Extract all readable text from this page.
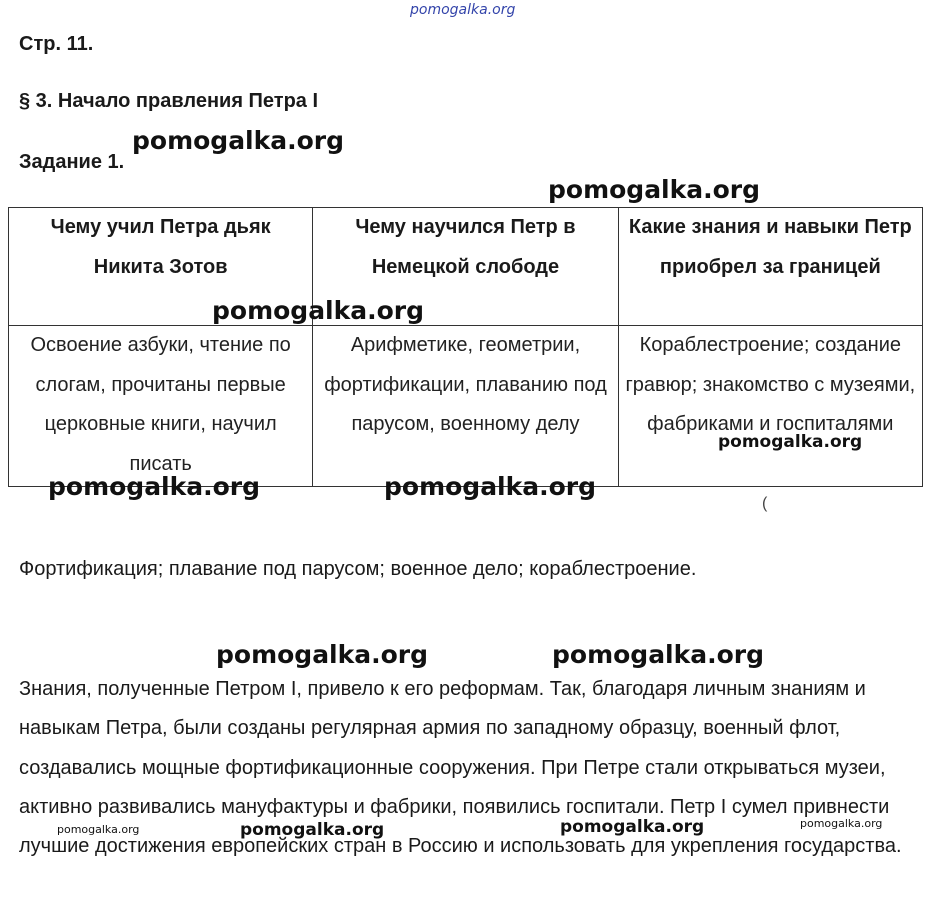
pomogalka.org
Стр. 11.
§ 3. Начало правления Петра I
Задание 1.
Чему учил Петра дьяк Никита Зотов	Чему научился Петр в Немецкой слободе	Какие знания и навыки Петр приобрел за границей
Освоение азбуки, чтение по слогам, прочитаны первые церковные книги, научил писать	Арифметике, геометрии, фортификации, плаванию под парусом, военному делу	Кораблестроение; создание гравюр; знакомство с музеями, фабриками и госпиталями
Фортификация; плавание под парусом; военное дело; кораблестроение.
Знания, полученные Петром I, привело к его реформам. Так, благодаря личным знаниям и навыкам Петра, были созданы регулярная армия по западному образцу, военный флот, создавались мощные фортификационные сооружения. При Петре стали открываться музеи, активно развивались мануфактуры и фабрики, появились госпитали. Петр I сумел привнести лучшие достижения европейских стран в Россию и использовать для укрепления государства.
(
pomogalka.org
pomogalka.org
pomogalka.org
pomogalka.org
pomogalka.org	pomogalka.org
pomogalka.org	pomogalka.org
pomogalka.org	pomogalka.org	pomogalka.org	pomogalka.org
